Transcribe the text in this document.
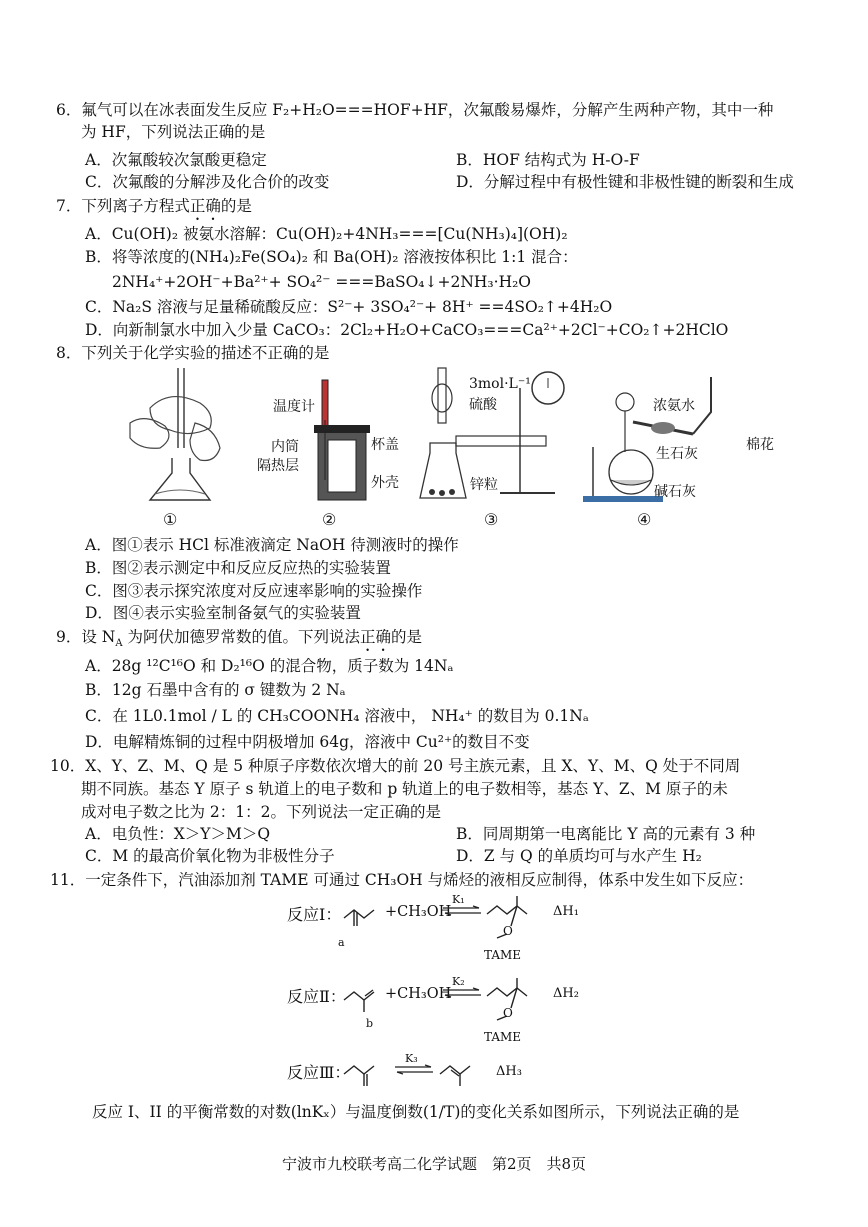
6．氟气可以在冰表面发生反应 F₂+H₂O===HOF+HF，次氟酸易爆炸，分解产生两种产物，其中一种
为 HF，下列说法正确的是
A．次氟酸较次氯酸更稳定	B．HOF 结构式为 H-O-F
C．次氟酸的分解涉及化合价的改变	D．分解过程中有极性键和非极性键的断裂和生成
7．下列离子方程式正确的是
A．Cu(OH)₂ 被氨水溶解：Cu(OH)₂+4NH₃===[Cu(NH₃)₄](OH)₂
B．将等浓度的(NH₄)₂Fe(SO₄)₂ 和 Ba(OH)₂ 溶液按体积比 1:1 混合：
2NH₄⁺+2OH⁻+Ba²⁺+ SO₄²⁻ ===BaSO₄↓+2NH₃·H₂O
C．Na₂S 溶液与足量稀硫酸反应：S²⁻+ 3SO₄²⁻+ 8H⁺ ==4SO₂↑+4H₂O
D．向新制氯水中加入少量 CaCO₃：2Cl₂+H₂O+CaCO₃===Ca²⁺+2Cl⁻+CO₂↑+2HClO
8．下列关于化学实验的描述不正确的是
①
温度计
杯盖
内筒
隔热层
外壳
②
3mol·L⁻¹
硫酸
锌粒
③
浓氨水
棉花
生石灰
碱石灰
④
A．图①表示 HCl 标准液滴定 NaOH 待测液时的操作
B．图②表示测定中和反应反应热的实验装置
C．图③表示探究浓度对反应速率影响的实验操作
D．图④表示实验室制备氨气的实验装置
9．设 $N_A$ 为阿伏加德罗常数的值。下列说法正确的是
A．28g ¹²C¹⁶O 和 D₂¹⁶O 的混合物，质子数为 14Nₐ
B．12g 石墨中含有的 σ 键数为 2 Nₐ
C．在 1L0.1mol / L 的 CH₃COONH₄ 溶液中， NH₄⁺ 的数目为 0.1Nₐ
D．电解精炼铜的过程中阴极增加 64g，溶液中 Cu²⁺的数目不变
10．X、Y、Z、M、Q 是 5 种原子序数依次增大的前 20 号主族元素，且 X、Y、M、Q 处于不同周
期不同族。基态 Y 原子 s 轨道上的电子数和 p 轨道上的电子数相等，基态 Y、Z、M 原子的未
成对电子数之比为 2：1：2。下列说法一定正确的是
A．电负性：X＞Y＞M＞Q	B．同周期第一电离能比 Y 高的元素有 3 种
C．M 的最高价氧化物为非极性分子	D．Z 与 Q 的单质均可与水产生 H₂
11．一定条件下，汽油添加剂 TAME 可通过 CH₃OH 与烯烃的液相反应制得，体系中发生如下反应：
反应Ⅰ：
a
+CH₃OH
K₁
O
TAME
ΔH₁
反应Ⅱ：
b
+CH₃OH
K₂
O
TAME
ΔH₂
反应Ⅲ：
K₃
ΔH₃
反应 I、II 的平衡常数的对数(lnKₓ）与温度倒数(1/T)的变化关系如图所示，下列说法正确的是
宁波市九校联考高二化学试题　第2页　共8页
